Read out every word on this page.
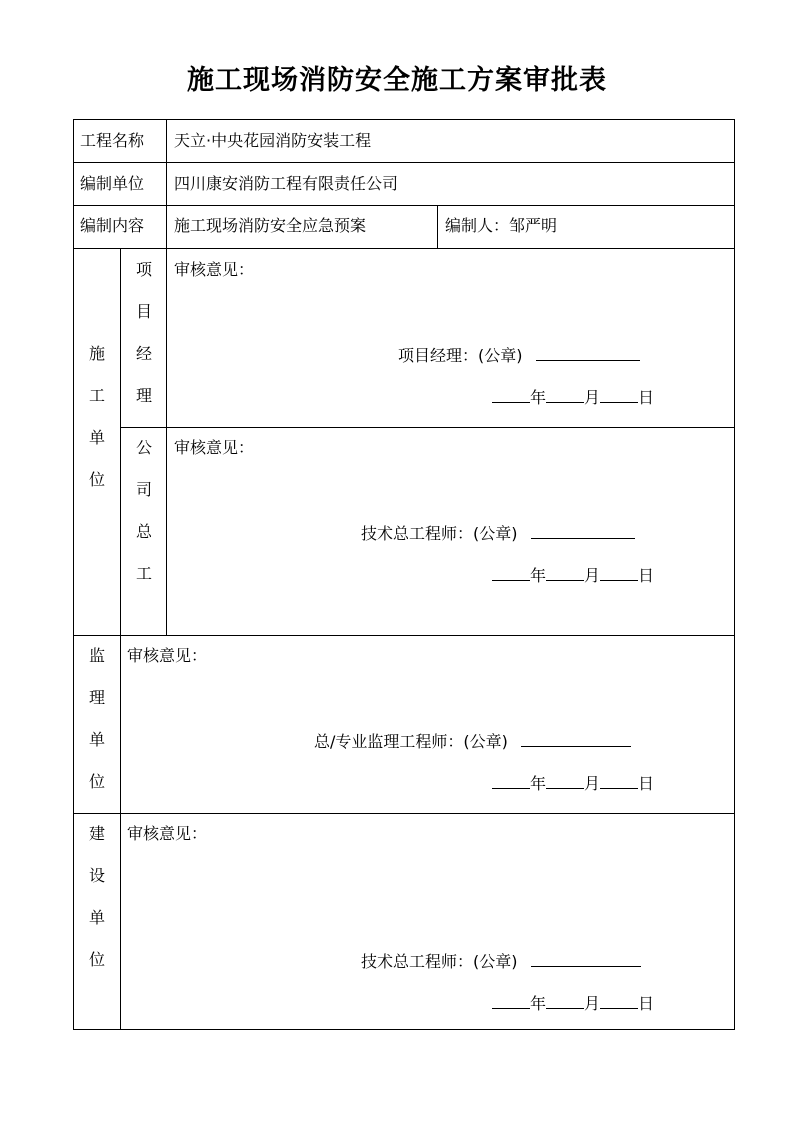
施工现场消防安全施工方案审批表
工程名称 天立·中央花园消防安装工程
编制单位 四川康安消防工程有限责任公司
编制内容 施工现场消防安全应急预案	编制人：邹严明
施
工
单
位
项
目
经
理
审核意见：
项目经理：(公章)
年 月 日
公
司
总
工
审核意见：
技术总工程师：(公章)
年 月 日
监
理
单
位
审核意见：
总/专业监理工程师：(公章)
年 月 日
建
设
单
位
审核意见：
技术总工程师：(公章)
年 月 日
